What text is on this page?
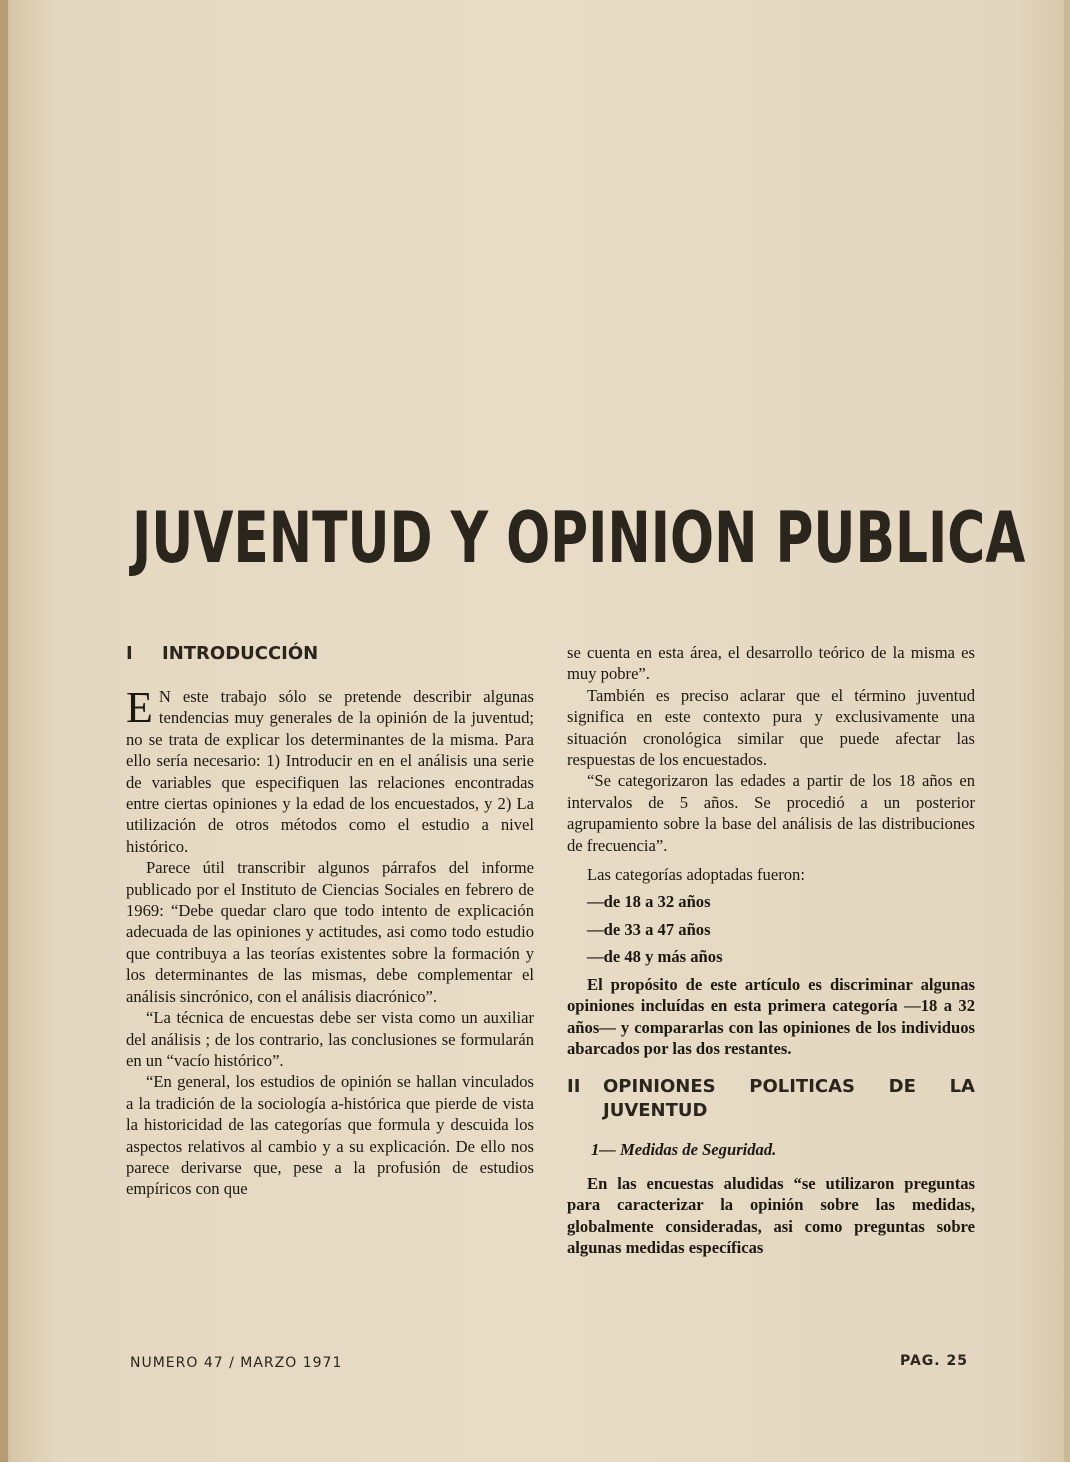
JUVENTUD Y OPINION PUBLICA
I	INTRODUCCIÓN

E N este trabajo sólo se pretende describir algunas tendencias muy generales de la opinión de la juventud; no se trata de explicar los determinantes de la misma. Para ello sería necesario: 1) Introducir en en el análisis una serie de variables que especifiquen las relaciones encontradas entre ciertas opiniones y la edad de los encuestados, y 2) La utilización de otros métodos como el estudio a nivel histórico.

Parece útil transcribir algunos párrafos del informe publicado por el Instituto de Ciencias Sociales en febrero de 1969: “Debe quedar claro que todo intento de explicación adecuada de las opiniones y actitudes, asi como todo estudio que contribuya a las teorías existentes sobre la formación y los determinantes de las mismas, debe complementar el análisis sincrónico, con el análisis diacrónico”.

“La técnica de encuestas debe ser vista como un auxiliar del análisis ; de los contrario, las conclusiones se formularán en un “vacío histórico”.

“En general, los estudios de opinión se hallan vinculados a la tradición de la sociología a-histórica que pierde de vista la historicidad de las categorías que formula y descuida los aspectos relativos al cambio y a su explicación. De ello nos parece derivarse que, pese a la profusión de estudios empíricos con que

se cuenta en esta área, el desarrollo teórico de la misma es muy pobre”.

También es preciso aclarar que el término juventud significa en este contexto pura y exclusivamente una situación cronológica similar que puede afectar las respuestas de los encuestados.

“Se categorizaron las edades a partir de los 18 años en intervalos de 5 años. Se procedió a un posterior agrupamiento sobre la base del análisis de las distribuciones de frecuencia”.

Las categorías adoptadas fueron:
—de 18 a 32 años
—de 33 a 47 años
—de 48 y más años

El propósito de este artículo es discriminar algunas opiniones incluídas en esta primera categoría —18 a 32 años— y compararlas con las opiniones de los individuos abarcados por las dos restantes.

II	OPINIONES POLITICAS DE LA JUVENTUD
1— Medidas de Seguridad.

En las encuestas aludidas “se utilizaron preguntas para caracterizar la opinión sobre las medidas, globalmente consideradas, asi como preguntas sobre algunas medidas específicas

NUMERO 47 / MARZO 1971	PAG. 25
